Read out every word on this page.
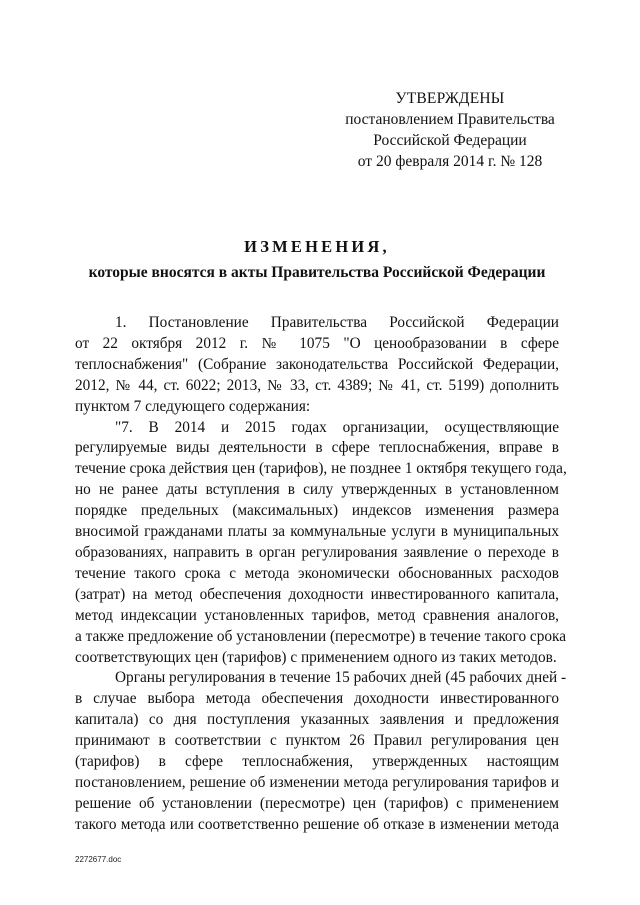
УТВЕРЖДЕНЫ
постановлением Правительства
Российской Федерации
от 20 февраля 2014 г. № 128
ИЗМЕНЕНИЯ,
которые вносятся в акты Правительства Российской Федерации

1. Постановление Правительства Российской Федерации
от 22 октября 2012 г. № 1075 "О ценообразовании в сфере
теплоснабжения" (Собрание законодательства Российской Федерации,
2012, № 44, ст. 6022; 2013, № 33, ст. 4389; № 41, ст. 5199) дополнить
пунктом 7 следующего содержания:

"7. В 2014 и 2015 годах организации, осуществляющие
регулируемые виды деятельности в сфере теплоснабжения, вправе в
течение срока действия цен (тарифов), не позднее 1 октября текущего года,
но не ранее даты вступления в силу утвержденных в установленном
порядке предельных (максимальных) индексов изменения размера
вносимой гражданами платы за коммунальные услуги в муниципальных
образованиях, направить в орган регулирования заявление о переходе в
течение такого срока с метода экономически обоснованных расходов
(затрат) на метод обеспечения доходности инвестированного капитала,
метод индексации установленных тарифов, метод сравнения аналогов,
а также предложение об установлении (пересмотре) в течение такого срока
соответствующих цен (тарифов) с применением одного из таких методов.

Органы регулирования в течение 15 рабочих дней (45 рабочих дней -
в случае выбора метода обеспечения доходности инвестированного
капитала) со дня поступления указанных заявления и предложения
принимают в соответствии с пунктом 26 Правил регулирования цен
(тарифов) в сфере теплоснабжения, утвержденных настоящим
постановлением, решение об изменении метода регулирования тарифов и
решение об установлении (пересмотре) цен (тарифов) с применением
такого метода или соответственно решение об отказе в изменении метода

2272677.doc
